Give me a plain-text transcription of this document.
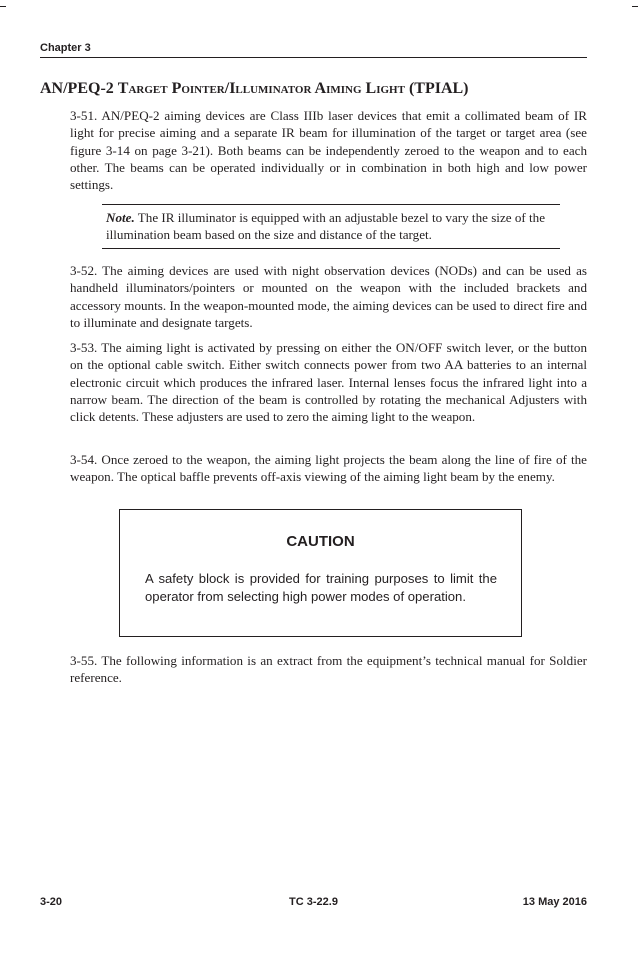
Chapter 3
AN/PEQ-2 Target Pointer/Illuminator Aiming Light (TPIAL)
3-51. AN/PEQ-2 aiming devices are Class IIIb laser devices that emit a collimated beam of IR light for precise aiming and a separate IR beam for illumination of the target or target area (see figure 3-14 on page 3-21). Both beams can be independently zeroed to the weapon and to each other. The beams can be operated individually or in combination in both high and low power settings.
Note. The IR illuminator is equipped with an adjustable bezel to vary the size of the illumination beam based on the size and distance of the target.
3-52. The aiming devices are used with night observation devices (NODs) and can be used as handheld illuminators/pointers or mounted on the weapon with the included brackets and accessory mounts. In the weapon-mounted mode, the aiming devices can be used to direct fire and to illuminate and designate targets.
3-53. The aiming light is activated by pressing on either the ON/OFF switch lever, or the button on the optional cable switch. Either switch connects power from two AA batteries to an internal electronic circuit which produces the infrared laser. Internal lenses focus the infrared light into a narrow beam. The direction of the beam is controlled by rotating the mechanical Adjusters with click detents. These adjusters are used to zero the aiming light to the weapon.
3-54. Once zeroed to the weapon, the aiming light projects the beam along the line of fire of the weapon. The optical baffle prevents off-axis viewing of the aiming light beam by the enemy.
CAUTION
A safety block is provided for training purposes to limit the operator from selecting high power modes of operation.
3-55. The following information is an extract from the equipment’s technical manual for Soldier reference.
3-20	TC 3-22.9	13 May 2016
